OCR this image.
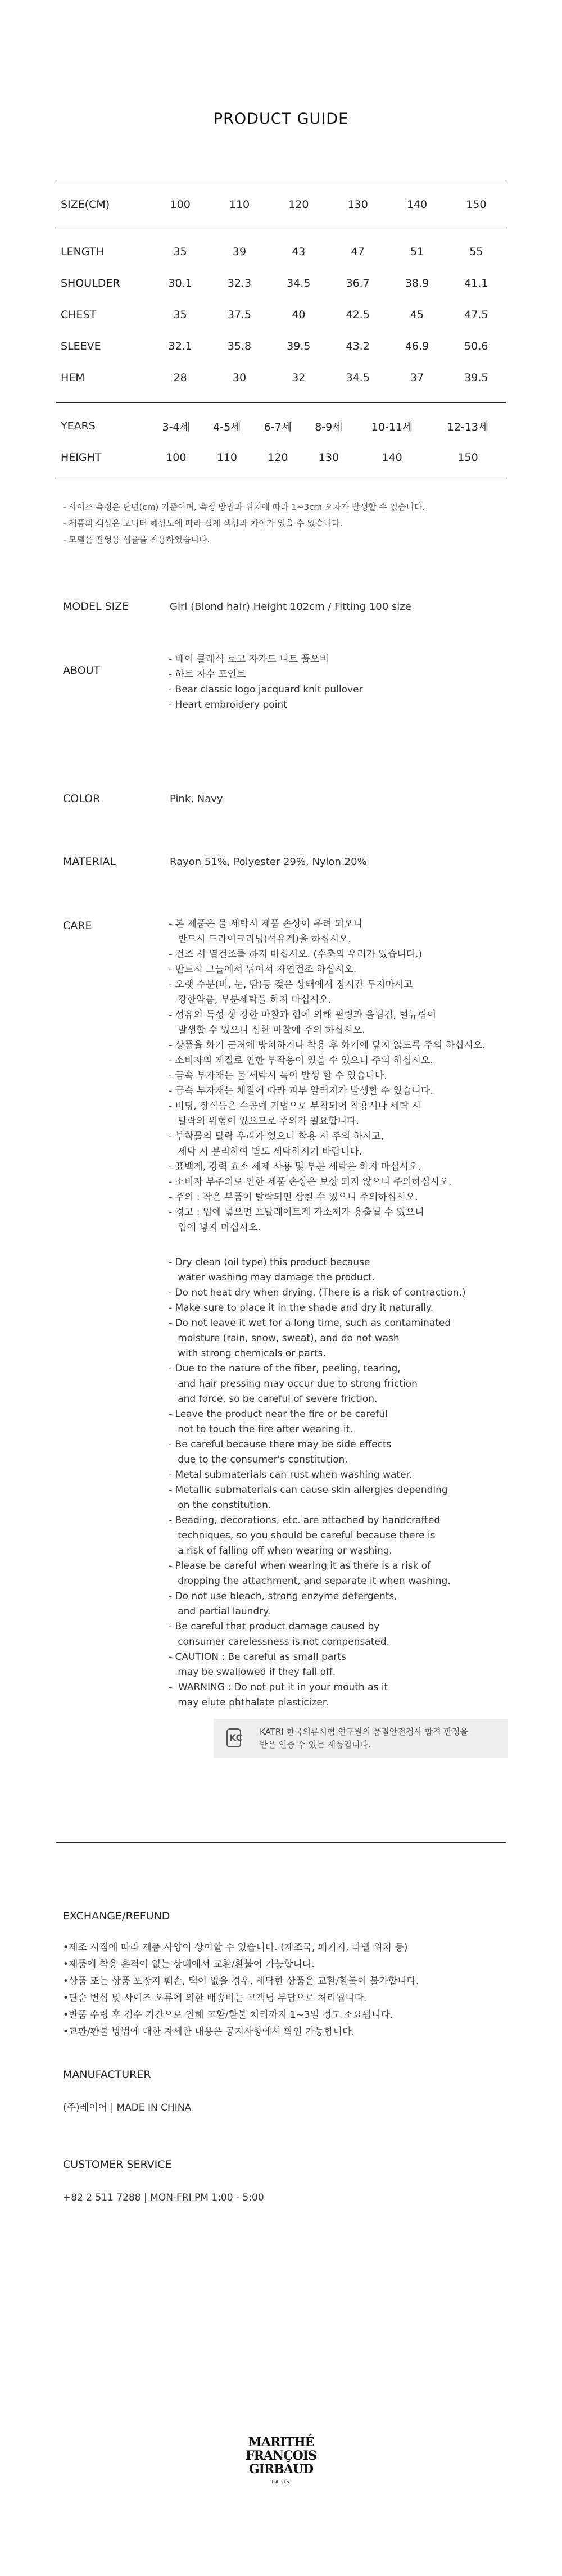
PRODUCT GUIDE
SIZE(CM)	100	110	120	130	140	150
LENGTH	35	39	43	47	51	55
SHOULDER	30.1	32.3	34.5	36.7	38.9	41.1
CHEST	35	37.5	40	42.5	45	47.5
SLEEVE	32.1	35.8	39.5	43.2	46.9	50.6
HEM	28	30	32	34.5	37	39.5
YEARS	3-4세	4-5세	6-7세	8-9세	10-11세	12-13세
HEIGHT	100	110	120	130	140	150
- 사이즈 측정은 단면(cm) 기준이며, 측정 방법과 위치에 따라 1~3cm 오차가 발생할 수 있습니다.
- 제품의 색상은 모니터 해상도에 따라 실제 색상과 차이가 있을 수 있습니다.
- 모델은 촬영용 샘플을 착용하였습니다.
MODEL SIZE	Girl (Blond hair) Height 102cm / Fitting 100 size
ABOUT
- 베어 클래식 로고 자카드 니트 풀오버
- 하트 자수 포인트
- Bear classic logo jacquard knit pullover
- Heart embroidery point
COLOR	Pink, Navy
MATERIAL	Rayon 51%, Polyester 29%, Nylon 20%
CARE	- 본 제품은 물 세탁시 제품 손상이 우려 되오니
반드시 드라이크리닝(석유계)을 하십시오.
- 건조 시 열건조를 하지 마십시오. (수축의 우려가 있습니다.)
- 반드시 그늘에서 뉘어서 자연건조 하십시오.
- 오랫 수분(비, 눈, 땀)등 젖은 상태에서 장시간 두지마시고
강한약품, 부분세탁을 하지 마십시오.
- 섬유의 특성 상 강한 마찰과 힘에 의해 필링과 올튐김, 털뉴림이
발생할 수 있으니 심한 마찰에 주의 하십시오.
- 상품을 화기 근처에 방치하거나 착용 후 화기에 닿지 않도록 주의 하십시오.
- 소비자의 제질로 인한 부작용이 있을 수 있으니 주의 하십시오.
- 금속 부자재는 물 세탁시 녹이 발생 할 수 있습니다.
- 금속 부자재는 체질에 따라 피부 알러지가 발생할 수 있습니다.
- 비딩, 장식등은 수공예 기법으로 부착되어 착용시나 세탁 시
탈락의 위험이 있으므로 주의가 필요합니다.
- 부착물의 탈락 우려가 있으니 착용 시 주의 하시고,
세탁 시 분리하여 별도 세탁하시기 바랍니다.
- 표백제, 강력 효소 세제 사용 및 부분 세탁은 하지 마십시오.
- 소비자 부주의로 인한 제품 손상은 보상 되지 않으니 주의하십시오.
- 주의 : 작은 부품이 탈락되면 삼킬 수 있으니 주의하십시오.
- 경고 : 입에 넣으면 프탈레이트계 가소제가 용출될 수 있으니
입에 넣지 마십시오.
- Dry clean (oil type) this product because
water washing may damage the product.
- Do not heat dry when drying. (There is a risk of contraction.)
- Make sure to place it in the shade and dry it naturally.
- Do not leave it wet for a long time, such as contaminated
moisture (rain, snow, sweat), and do not wash
with strong chemicals or parts.
- Due to the nature of the fiber, peeling, tearing,
and hair pressing may occur due to strong friction
and force, so be careful of severe friction.
- Leave the product near the fire or be careful
not to touch the fire after wearing it.
- Be careful because there may be side effects
due to the consumer's constitution.
- Metal submaterials can rust when washing water.
- Metallic submaterials can cause skin allergies depending
on the constitution.
- Beading, decorations, etc. are attached by handcrafted
techniques, so you should be careful because there is
a risk of falling off when wearing or washing.
- Please be careful when wearing it as there is a risk of
dropping the attachment, and separate it when washing.
- Do not use bleach, strong enzyme detergents,
and partial laundry.
- Be careful that product damage caused by
consumer carelessness is not compensated.
- CAUTION : Be careful as small parts
may be swallowed if they fall off.
-  WARNING : Do not put it in your mouth as it
may elute phthalate plasticizer.
KC
KATRI 한국의류시험 연구원의 품질안전검사 합격 판정을
받은 인증 수 있는 제품입니다.
EXCHANGE/REFUND
•제조 시점에 따라 제품 사양이 상이할 수 있습니다. (제조국, 패키지, 라벨 위치 등)
•제품에 착용 흔적이 없는 상태에서 교환/환불이 가능합니다.
•상품 또는 상품 포장지 훼손, 택이 없을 경우, 세탁한 상품은 교환/환불이 불가합니다.
•단순 변심 및 사이즈 오류에 의한 배송비는 고객님 부담으로 처리됩니다.
•반품 수령 후 검수 기간으로 인해 교환/환불 처리까지 1~3일 정도 소요됩니다.
•교환/환불 방법에 대한 자세한 내용은 공지사항에서 확인 가능합니다.
MANUFACTURER
(주)레이어 | MADE IN CHINA
CUSTOMER SERVICE
+82 2 511 7288 | MON-FRI PM 1:00 - 5:00
MARITHÉ
FRANÇOIS
GIRBAUD
PARIS
